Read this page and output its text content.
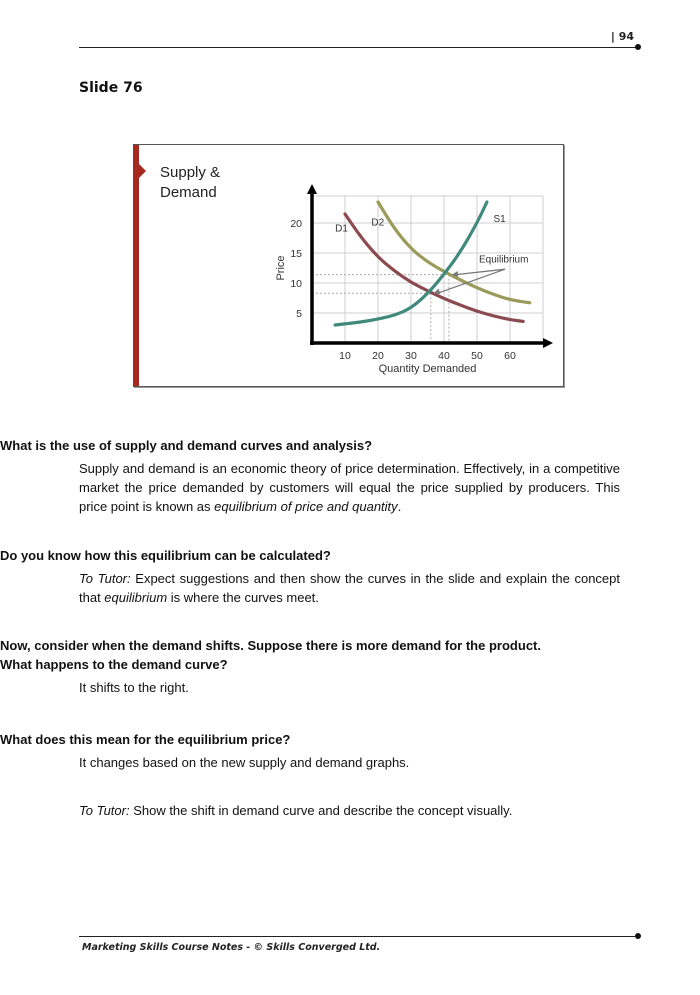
| 94
Slide 76
Supply &
Demand
10 20 30 40 50 60
5
10
15
20
Quantity Demanded
Price
D1
D2	S1
Equilibrium
Marketing Skills Course Notes - © Skills Converged Ltd.
What is the use of supply and demand curves and analysis?
Supply and demand is an economic theory of price determination. Effectively, in a competitive market the price demanded by customers will equal the price supplied by producers. This price point is known as equilibrium of price and quantity.
Do you know how this equilibrium can be calculated?
To Tutor: Expect suggestions and then show the curves in the slide and explain the concept that equilibrium is where the curves meet.
Now, consider when the demand shifts. Suppose there is more demand for the product. What happens to the demand curve?
It shifts to the right.
What does this mean for the equilibrium price?
It changes based on the new supply and demand graphs.
To Tutor: Show the shift in demand curve and describe the concept visually.
